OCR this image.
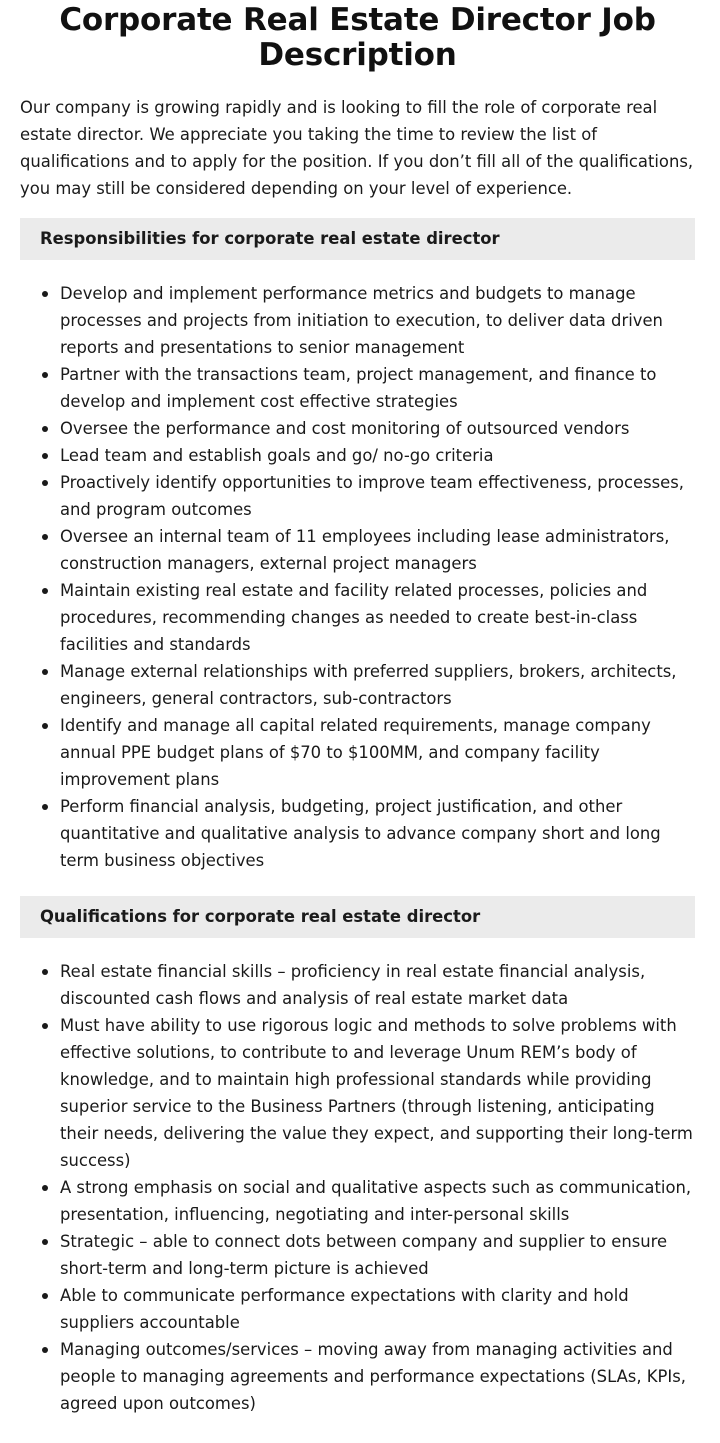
Corporate Real Estate Director Job Description

Our company is growing rapidly and is looking to fill the role of corporate real estate director. We appreciate you taking the time to review the list of qualifications and to apply for the position. If you don’t fill all of the qualifications, you may still be considered depending on your level of experience.

Responsibilities for corporate real estate director
Develop and implement performance metrics and budgets to manage processes and projects from initiation to execution, to deliver data driven reports and presentations to senior management
Partner with the transactions team, project management, and finance to develop and implement cost effective strategies
Oversee the performance and cost monitoring of outsourced vendors
Lead team and establish goals and go/ no-go criteria
Proactively identify opportunities to improve team effectiveness, processes, and program outcomes
Oversee an internal team of 11 employees including lease administrators, construction managers, external project managers
Maintain existing real estate and facility related processes, policies and procedures, recommending changes as needed to create best-in-class facilities and standards
Manage external relationships with preferred suppliers, brokers, architects, engineers, general contractors, sub-contractors
Identify and manage all capital related requirements, manage company annual PPE budget plans of $70 to $100MM, and company facility improvement plans
Perform financial analysis, budgeting, project justification, and other quantitative and qualitative analysis to advance company short and long term business objectives
Qualifications for corporate real estate director
Real estate financial skills – proficiency in real estate financial analysis, discounted cash flows and analysis of real estate market data
Must have ability to use rigorous logic and methods to solve problems with effective solutions, to contribute to and leverage Unum REM’s body of knowledge, and to maintain high professional standards while providing superior service to the Business Partners (through listening, anticipating their needs, delivering the value they expect, and supporting their long-term success)
A strong emphasis on social and qualitative aspects such as communication, presentation, influencing, negotiating and inter-personal skills
Strategic – able to connect dots between company and supplier to ensure short-term and long-term picture is achieved
Able to communicate performance expectations with clarity and hold suppliers accountable
Managing outcomes/services – moving away from managing activities and people to managing agreements and performance expectations (SLAs, KPIs, agreed upon outcomes)
